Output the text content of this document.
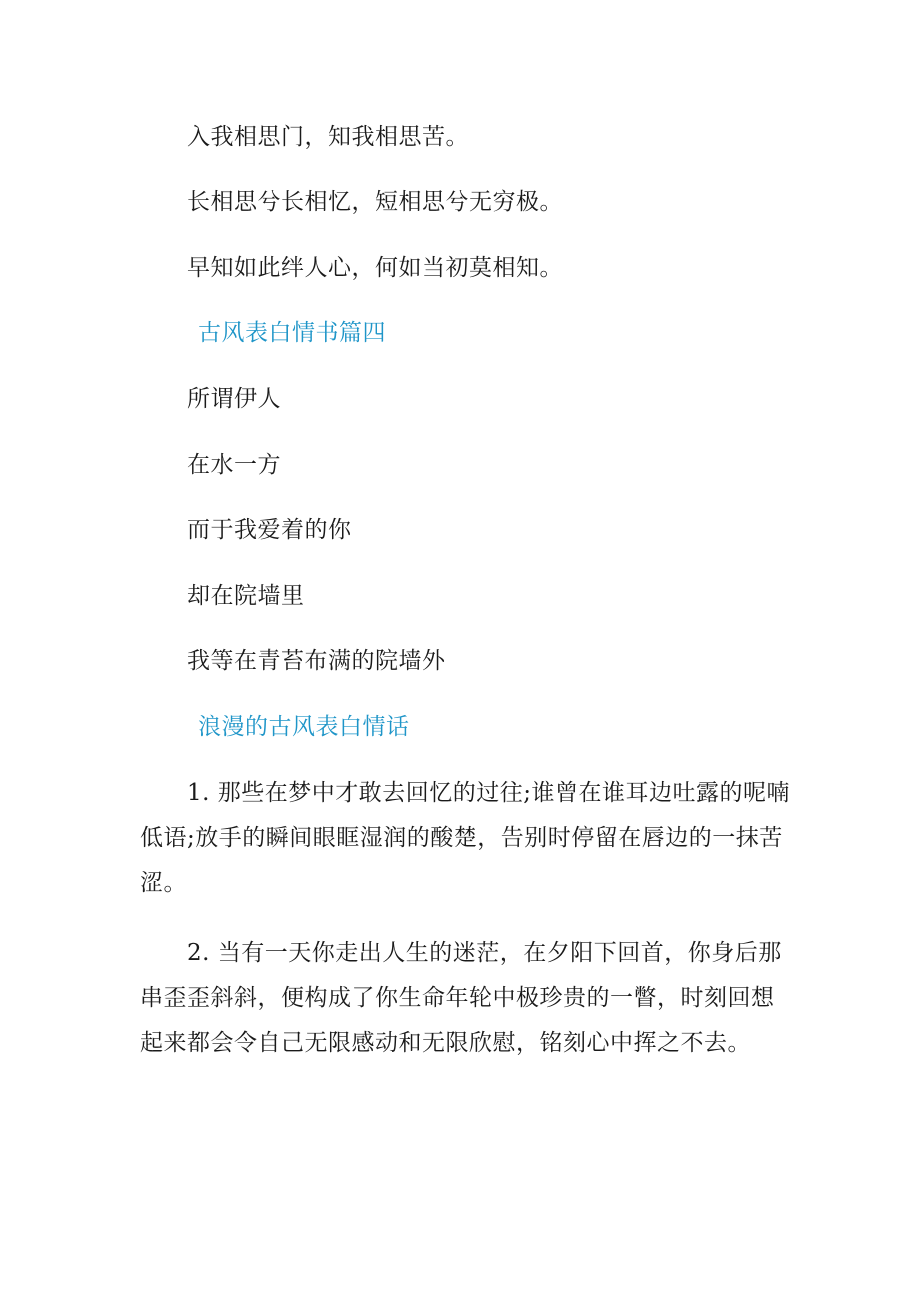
入我相思门，知我相思苦。
长相思兮长相忆，短相思兮无穷极。
早知如此绊人心，何如当初莫相知。
古风表白情书篇四
所谓伊人
在水一方
而于我爱着的你
却在院墙里
我等在青苔布满的院墙外
浪漫的古风表白情话
1. 那些在梦中才敢去回忆的过往;谁曾在谁耳边吐露的呢喃
低语;放手的瞬间眼眶湿润的酸楚，告别时停留在唇边的一抹苦
涩。
2. 当有一天你走出人生的迷茫，在夕阳下回首，你身后那
串歪歪斜斜，便构成了你生命年轮中极珍贵的一瞥，时刻回想
起来都会令自己无限感动和无限欣慰，铭刻心中挥之不去。
